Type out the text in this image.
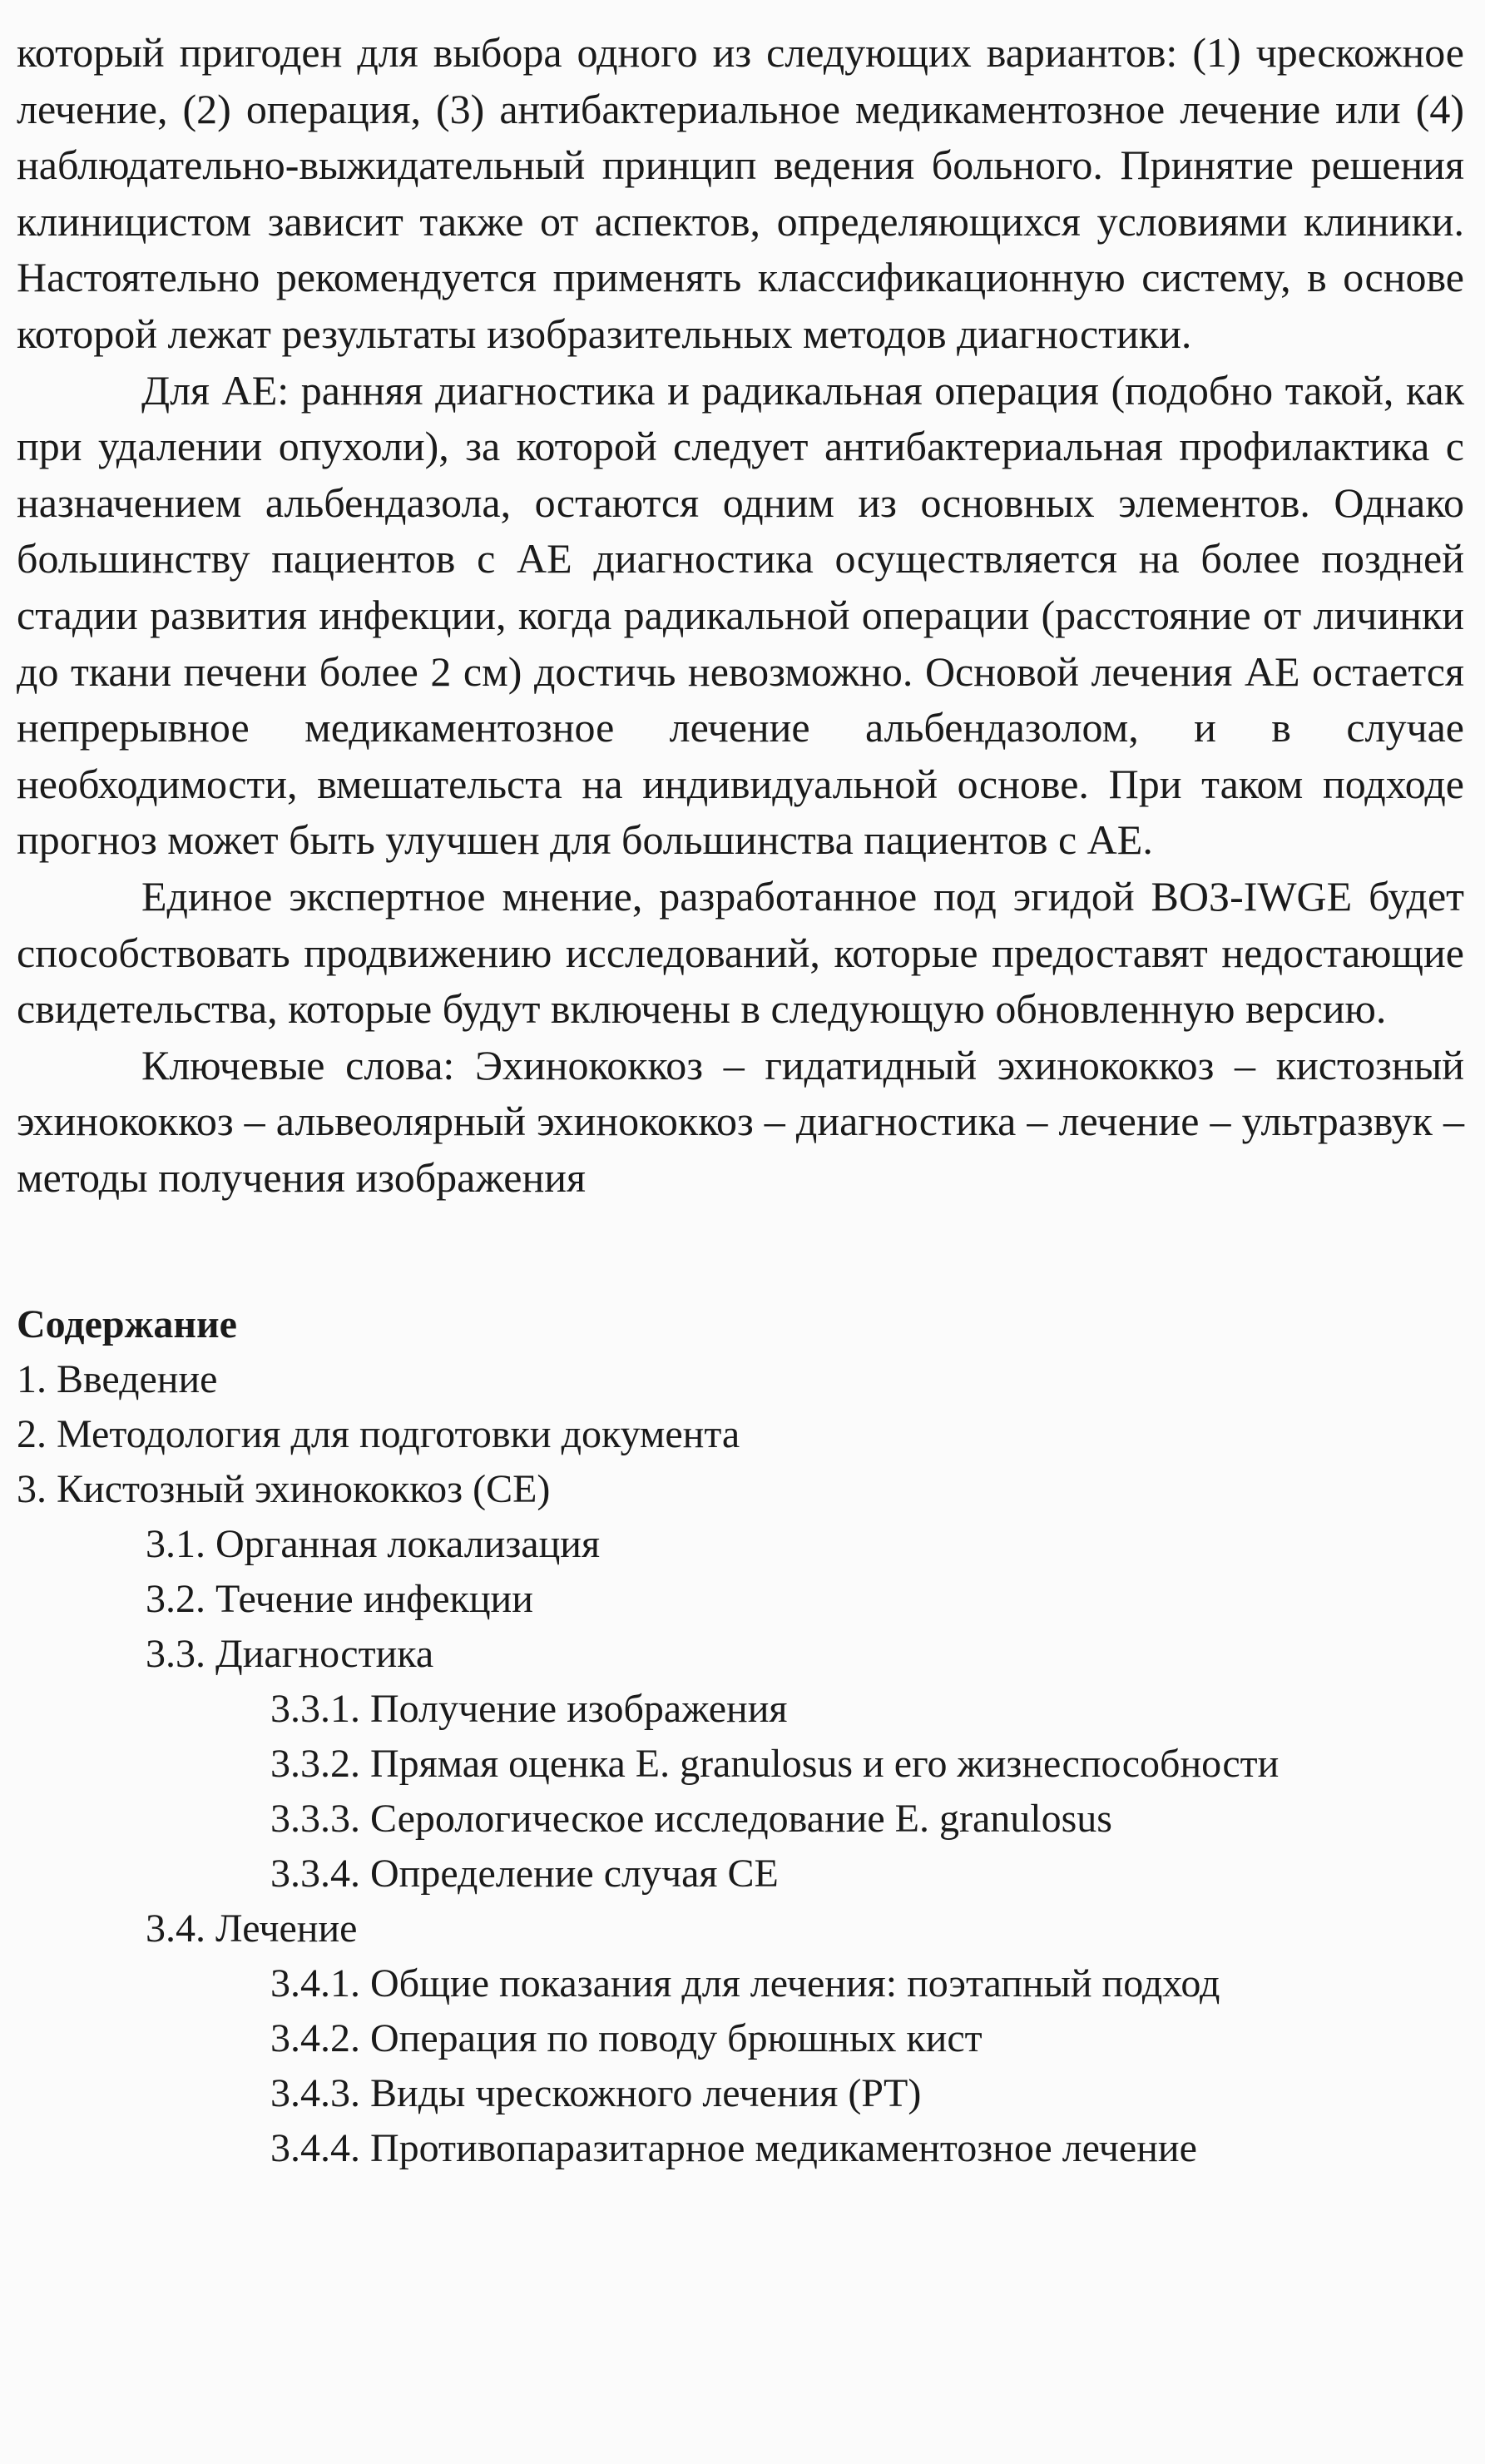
который пригоден для выбора одного из следующих вариантов: (1) чрескожное лечение, (2) операция, (3) антибактериальное медикаментозное лечение или (4) наблюдательно-выжидательный принцип ведения больного. Принятие решения клиницистом зависит также от аспектов, определяющихся условиями клиники. Настоятельно рекомендуется применять классификационную систему, в основе которой лежат результаты изобразительных методов диагностики.

Для АЕ: ранняя диагностика и радикальная операция (подобно такой, как при удалении опухоли), за которой следует антибактериальная профилактика с назначением альбендазола, остаются одним из основных элементов. Однако большинству пациентов с АЕ диагностика осуществляется на более поздней стадии развития инфекции, когда радикальной операции (расстояние от личинки до ткани печени более 2 см) достичь невозможно. Основой лечения АЕ остается непрерывное медикаментозное лечение альбендазолом, и в случае необходимости, вмешательста на индивидуальной основе. При таком подходе прогноз может быть улучшен для большинства пациентов с АЕ.

Единое экспертное мнение, разработанное под эгидой ВОЗ-IWGE будет способствовать продвижению исследований, которые предоставят недостающие свидетельства, которые будут включены в следующую обновленную версию.

Ключевые слова: Эхинококкоз – гидатидный эхинококкоз – кистозный эхинококкоз – альвеолярный эхинококкоз – диагностика – лечение – ультразвук – методы получения изображения

Содержание

1. Введение

2. Методология для подготовки документа

3. Кистозный эхинококкоз (CE)

3.1. Органная локализация

3.2. Течение инфекции

3.3. Диагностика

3.3.1. Получение изображения

3.3.2. Прямая оценка E. granulosus и его жизнеспособности

3.3.3. Серологическое исследование E. granulosus

3.3.4. Определение случая CE

3.4. Лечение

3.4.1. Общие показания для лечения: поэтапный подход

3.4.2. Операция по поводу брюшных кист

3.4.3. Виды чрескожного лечения (PT)

3.4.4. Противопаразитарное медикаментозное лечение
